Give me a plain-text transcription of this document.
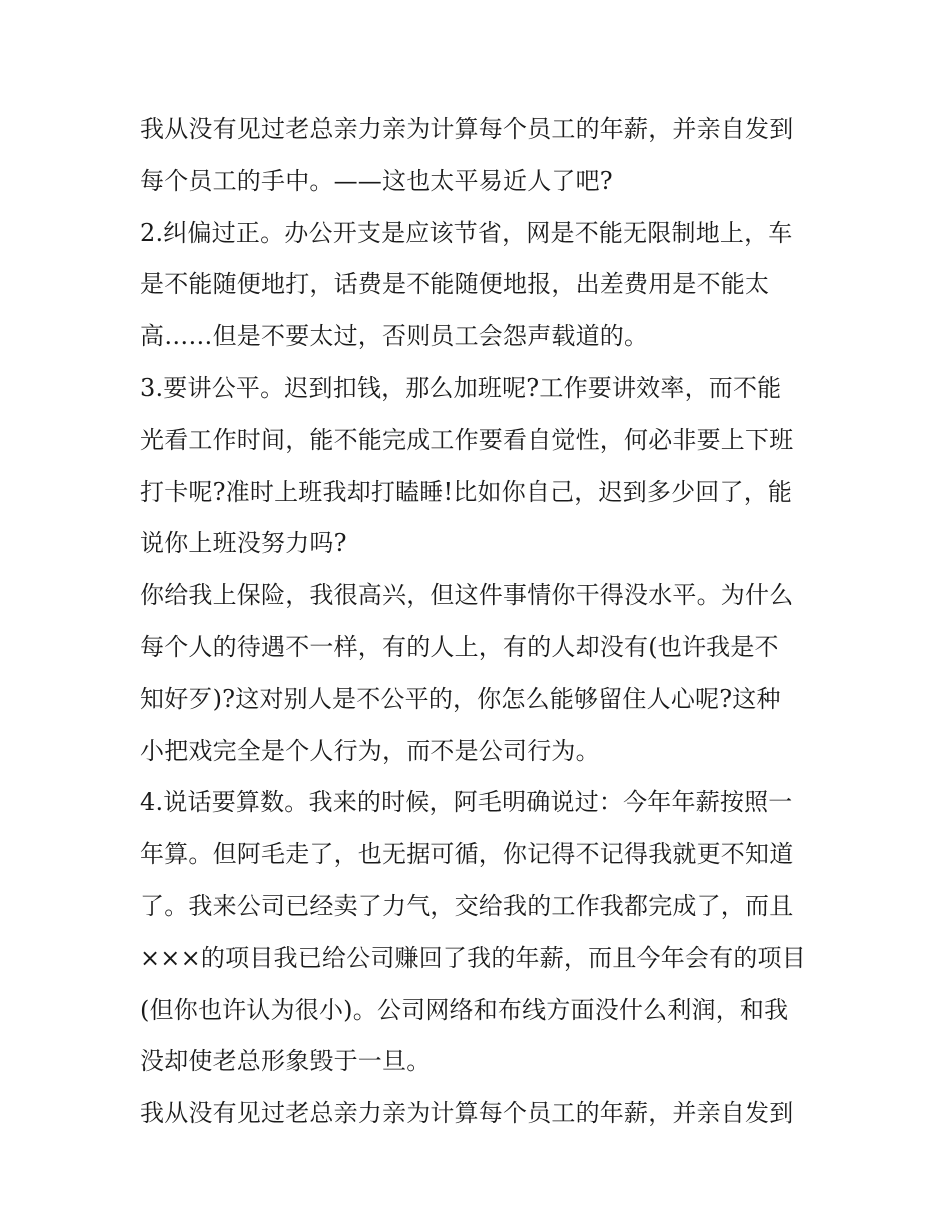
我从没有见过老总亲力亲为计算每个员工的年薪，并亲自发到
每个员工的手中。——这也太平易近人了吧?
2.纠偏过正。办公开支是应该节省，网是不能无限制地上，车
是不能随便地打，话费是不能随便地报，出差费用是不能太
高……但是不要太过，否则员工会怨声载道的。
3.要讲公平。迟到扣钱，那么加班呢?工作要讲效率，而不能
光看工作时间，能不能完成工作要看自觉性，何必非要上下班
打卡呢?准时上班我却打瞌睡!比如你自己，迟到多少回了，能
说你上班没努力吗?
你给我上保险，我很高兴，但这件事情你干得没水平。为什么
每个人的待遇不一样，有的人上，有的人却没有(也许我是不
知好歹)?这对别人是不公平的，你怎么能够留住人心呢?这种
小把戏完全是个人行为，而不是公司行为。
4.说话要算数。我来的时候，阿毛明确说过：今年年薪按照一
年算。但阿毛走了，也无据可循，你记得不记得我就更不知道
了。我来公司已经卖了力气，交给我的工作我都完成了，而且
×××的项目我已给公司赚回了我的年薪，而且今年会有的项目
(但你也许认为很小)。公司网络和布线方面没什么利润，和我
没却使老总形象毁于一旦。
我从没有见过老总亲力亲为计算每个员工的年薪，并亲自发到
